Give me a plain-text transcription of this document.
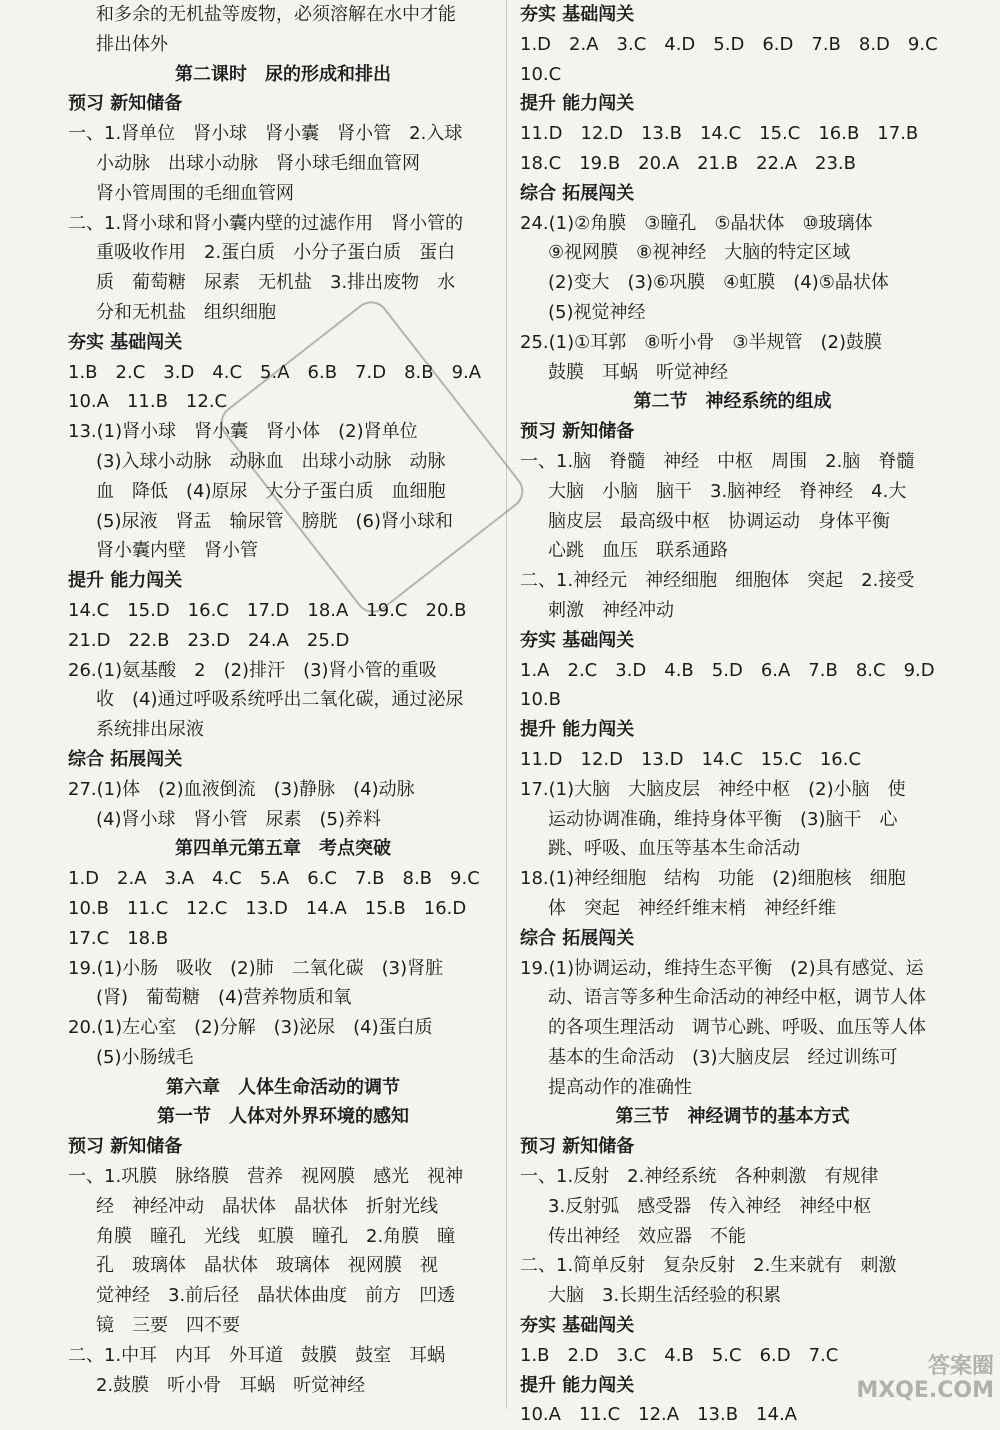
和多余的无机盐等废物，必须溶解在水中才能
排出体外
第二课时　尿的形成和排出
预习 新知储备
一、1.肾单位　肾小球　肾小囊　肾小管　2.入球
小动脉　出球小动脉　肾小球毛细血管网
肾小管周围的毛细血管网
二、1.肾小球和肾小囊内壁的过滤作用　肾小管的
重吸收作用　2.蛋白质　小分子蛋白质　蛋白
质　葡萄糖　尿素　无机盐　3.排出废物　水
分和无机盐　组织细胞
夯实 基础闯关
1.B　2.C　3.D　4.C　5.A　6.B　7.D　8.B　9.A
10.A　11.B　12.C
13.(1)肾小球　肾小囊　肾小体　(2)肾单位
(3)入球小动脉　动脉血　出球小动脉　动脉
血　降低　(4)原尿　大分子蛋白质　血细胞
(5)尿液　肾盂　输尿管　膀胱　(6)肾小球和
肾小囊内壁　肾小管
提升 能力闯关
14.C　15.D　16.C　17.D　18.A　19.C　20.B
21.D　22.B　23.D　24.A　25.D
26.(1)氨基酸　2　(2)排汗　(3)肾小管的重吸
收　(4)通过呼吸系统呼出二氧化碳，通过泌尿
系统排出尿液
综合 拓展闯关
27.(1)体　(2)血液倒流　(3)静脉　(4)动脉
(4)肾小球　肾小管　尿素　(5)养料
第四单元第五章　考点突破
1.D　2.A　3.A　4.C　5.A　6.C　7.B　8.B　9.C
10.B　11.C　12.C　13.D　14.A　15.B　16.D
17.C　18.B
19.(1)小肠　吸收　(2)肺　二氧化碳　(3)肾脏
(肾)　葡萄糖　(4)营养物质和氧
20.(1)左心室　(2)分解　(3)泌尿　(4)蛋白质
(5)小肠绒毛
第六章　人体生命活动的调节
第一节　人体对外界环境的感知
预习 新知储备
一、1.巩膜　脉络膜　营养　视网膜　感光　视神
经　神经冲动　晶状体　晶状体　折射光线
角膜　瞳孔　光线　虹膜　瞳孔　2.角膜　瞳
孔　玻璃体　晶状体　玻璃体　视网膜　视
觉神经　3.前后径　晶状体曲度　前方　凹透
镜　三要　四不要
二、1.中耳　内耳　外耳道　鼓膜　鼓室　耳蜗
2.鼓膜　听小骨　耳蜗　听觉神经
夯实 基础闯关
1.D　2.A　3.C　4.D　5.D　6.D　7.B　8.D　9.C
10.C
提升 能力闯关
11.D　12.D　13.B　14.C　15.C　16.B　17.B
18.C　19.B　20.A　21.B　22.A　23.B
综合 拓展闯关
24.(1)②角膜　③瞳孔　⑤晶状体　⑩玻璃体
⑨视网膜　⑧视神经　大脑的特定区域
(2)变大　(3)⑥巩膜　④虹膜　(4)⑤晶状体
(5)视觉神经
25.(1)①耳郭　⑧听小骨　③半规管　(2)鼓膜
鼓膜　耳蜗　听觉神经
第二节　神经系统的组成
预习 新知储备
一、1.脑　脊髓　神经　中枢　周围　2.脑　脊髓
大脑　小脑　脑干　3.脑神经　脊神经　4.大
脑皮层　最高级中枢　协调运动　身体平衡
心跳　血压　联系通路
二、1.神经元　神经细胞　细胞体　突起　2.接受
刺激　神经冲动
夯实 基础闯关
1.A　2.C　3.D　4.B　5.D　6.A　7.B　8.C　9.D
10.B
提升 能力闯关
11.D　12.D　13.D　14.C　15.C　16.C
17.(1)大脑　大脑皮层　神经中枢　(2)小脑　使
运动协调准确，维持身体平衡　(3)脑干　心
跳、呼吸、血压等基本生命活动
18.(1)神经细胞　结构　功能　(2)细胞核　细胞
体　突起　神经纤维末梢　神经纤维
综合 拓展闯关
19.(1)协调运动，维持生态平衡　(2)具有感觉、运
动、语言等多种生命活动的神经中枢，调节人体
的各项生理活动　调节心跳、呼吸、血压等人体
基本的生命活动　(3)大脑皮层　经过训练可
提高动作的准确性
第三节　神经调节的基本方式
预习 新知储备
一、1.反射　2.神经系统　各种刺激　有规律
3.反射弧　感受器　传入神经　神经中枢
传出神经　效应器　不能
二、1.简单反射　复杂反射　2.生来就有　刺激
大脑　3.长期生活经验的积累
夯实 基础闯关
1.B　2.D　3.C　4.B　5.C　6.D　7.C
提升 能力闯关
10.A　11.C　12.A　13.B　14.A
答案圈
MXQE.COM
